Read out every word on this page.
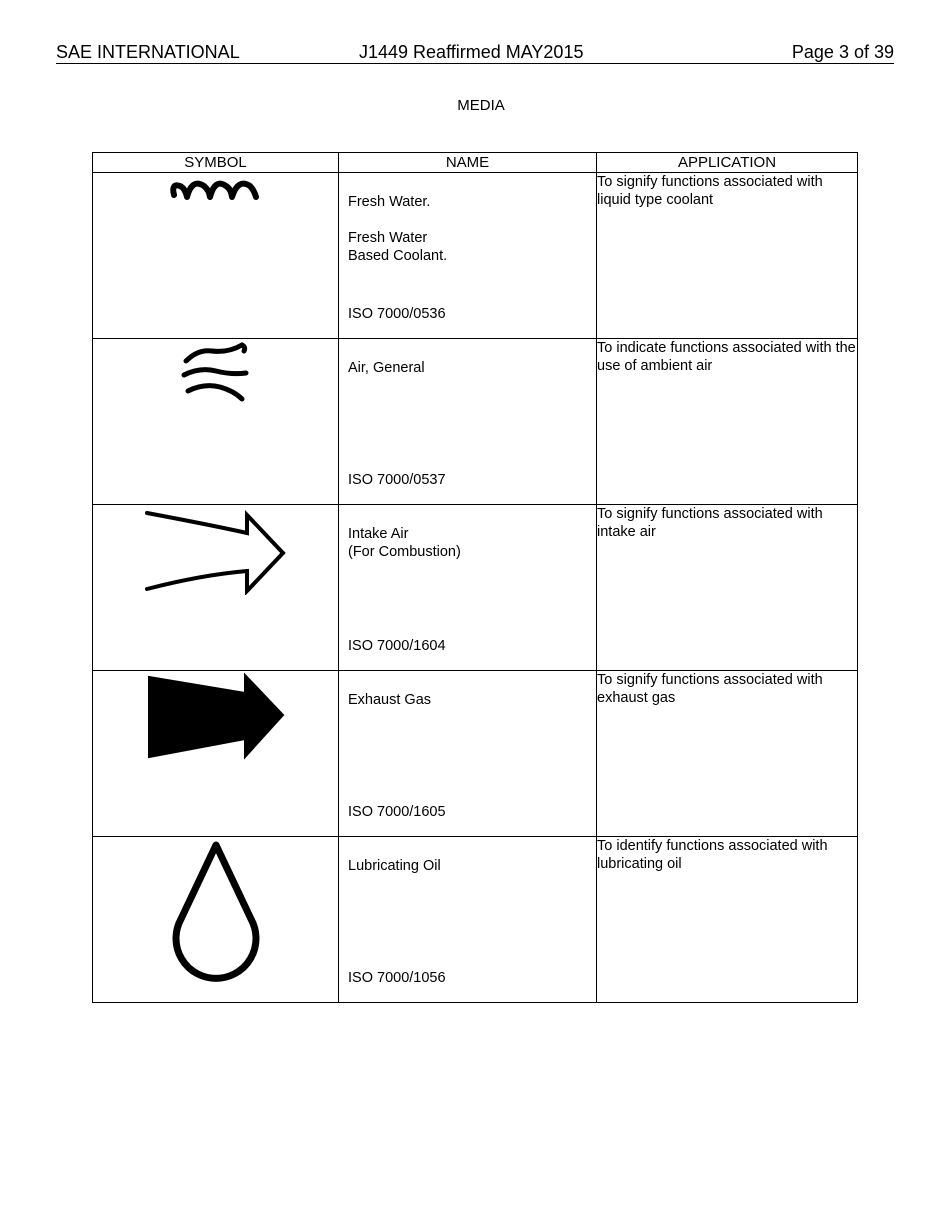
SAE INTERNATIONAL	J1449 Reaffirmed MAY2015	Page 3 of 39
MEDIA
SYMBOL	NAME	APPLICATION

Fresh Water.

Fresh Water
Based Coolant.

ISO 7000/0536	To signify functions associated with liquid type coolant

Air, General

ISO 7000/0537	To indicate functions associated with the use of ambient air

Intake Air
(For Combustion)

ISO 7000/1604	To signify functions associated with intake air

Exhaust Gas

ISO 7000/1605	To signify functions associated with exhaust gas

Lubricating Oil

ISO 7000/1056	To identify functions associated with lubricating oil
